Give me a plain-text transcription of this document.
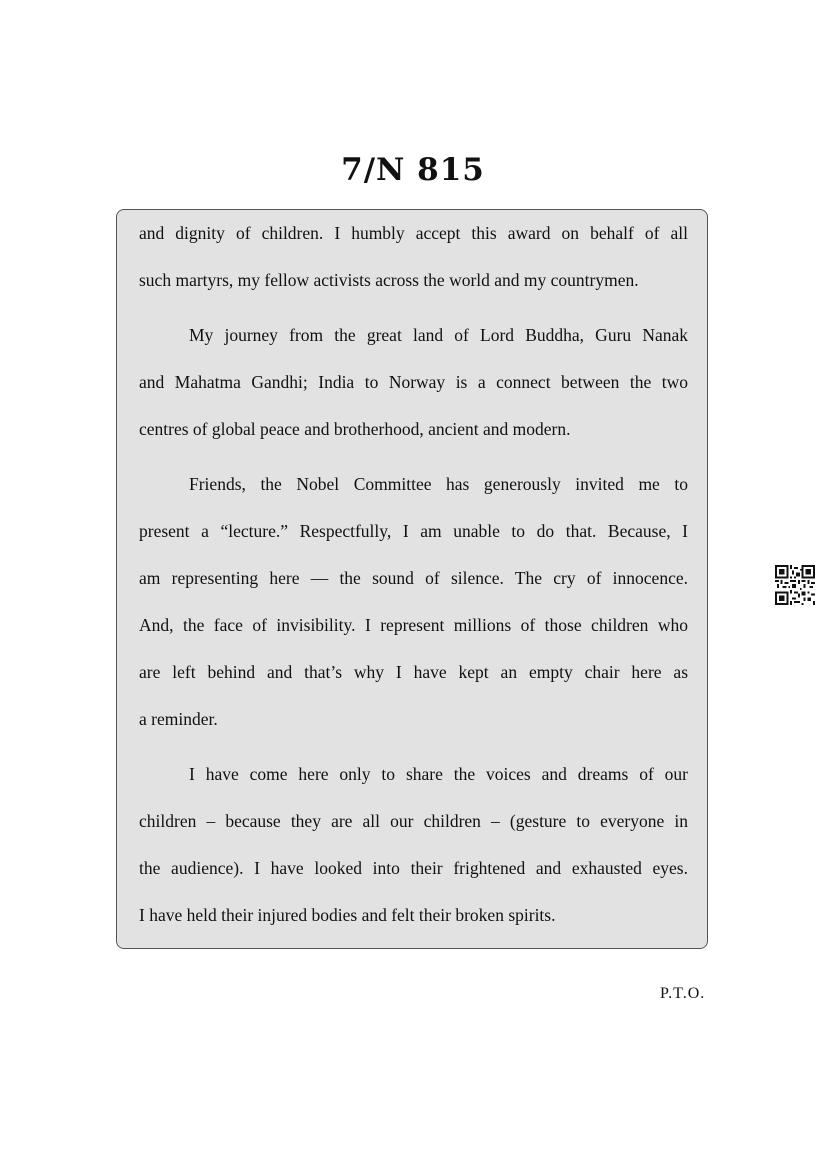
7/N 815

and dignity of children. I humbly accept this award on behalf of all
such martyrs, my fellow activists across the world and my countrymen.

My journey from the great land of Lord Buddha, Guru Nanak
and Mahatma Gandhi; India to Norway is a connect between the two
centres of global peace and brotherhood, ancient and modern.

Friends, the Nobel Committee has generously invited me to
present a “lecture.” Respectfully, I am unable to do that. Because, I
am representing here — the sound of silence. The cry of innocence.
And, the face of invisibility. I represent millions of those children who
are left behind and that’s why I have kept an empty chair here as
a reminder.

I have come here only to share the voices and dreams of our
children – because they are all our children – (gesture to everyone in
the audience). I have looked into their frightened and exhausted eyes.
I have held their injured bodies and felt their broken spirits.

P.T.O.
